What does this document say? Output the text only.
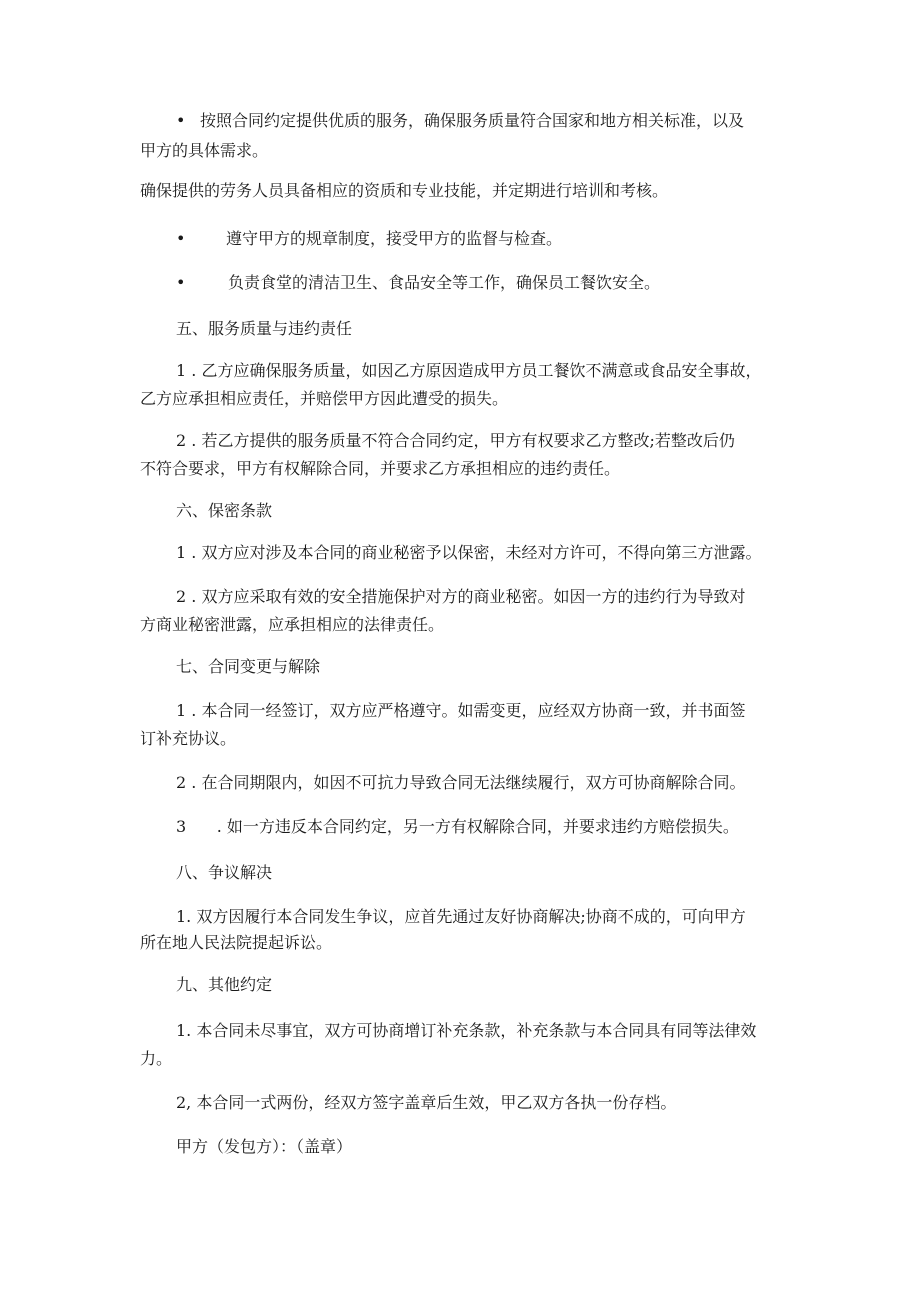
• 按照合同约定提供优质的服务，确保服务质量符合国家和地方相关标准，以及

甲方的具体需求。

确保提供的劳务人员具备相应的资质和专业技能，并定期进行培训和考核。

•	遵守甲方的规章制度，接受甲方的监督与检查。

•	负责食堂的清洁卫生、食品安全等工作，确保员工餐饮安全。

五、服务质量与违约责任

1 . 乙方应确保服务质量，如因乙方原因造成甲方员工餐饮不满意或食品安全事故，

乙方应承担相应责任，并赔偿甲方因此遭受的损失。

2 . 若乙方提供的服务质量不符合合同约定，甲方有权要求乙方整改;若整改后仍

不符合要求，甲方有权解除合同，并要求乙方承担相应的违约责任。

六、保密条款

1 . 双方应对涉及本合同的商业秘密予以保密，未经对方许可，不得向第三方泄露。

2 . 双方应采取有效的安全措施保护对方的商业秘密。如因一方的违约行为导致对

方商业秘密泄露，应承担相应的法律责任。

七、合同变更与解除

1 . 本合同一经签订，双方应严格遵守。如需变更，应经双方协商一致，并书面签

订补充协议。

2 . 在合同期限内，如因不可抗力导致合同无法继续履行，双方可协商解除合同。

3      . 如一方违反本合同约定，另一方有权解除合同，并要求违约方赔偿损失。

八、争议解决

1. 双方因履行本合同发生争议，应首先通过友好协商解决;协商不成的，可向甲方

所在地人民法院提起诉讼。

九、其他约定

1. 本合同未尽事宜，双方可协商增订补充条款，补充条款与本合同具有同等法律效

力。

2, 本合同一式两份，经双方签字盖章后生效，甲乙双方各执一份存档。

甲方（发包方）：（盖章）
